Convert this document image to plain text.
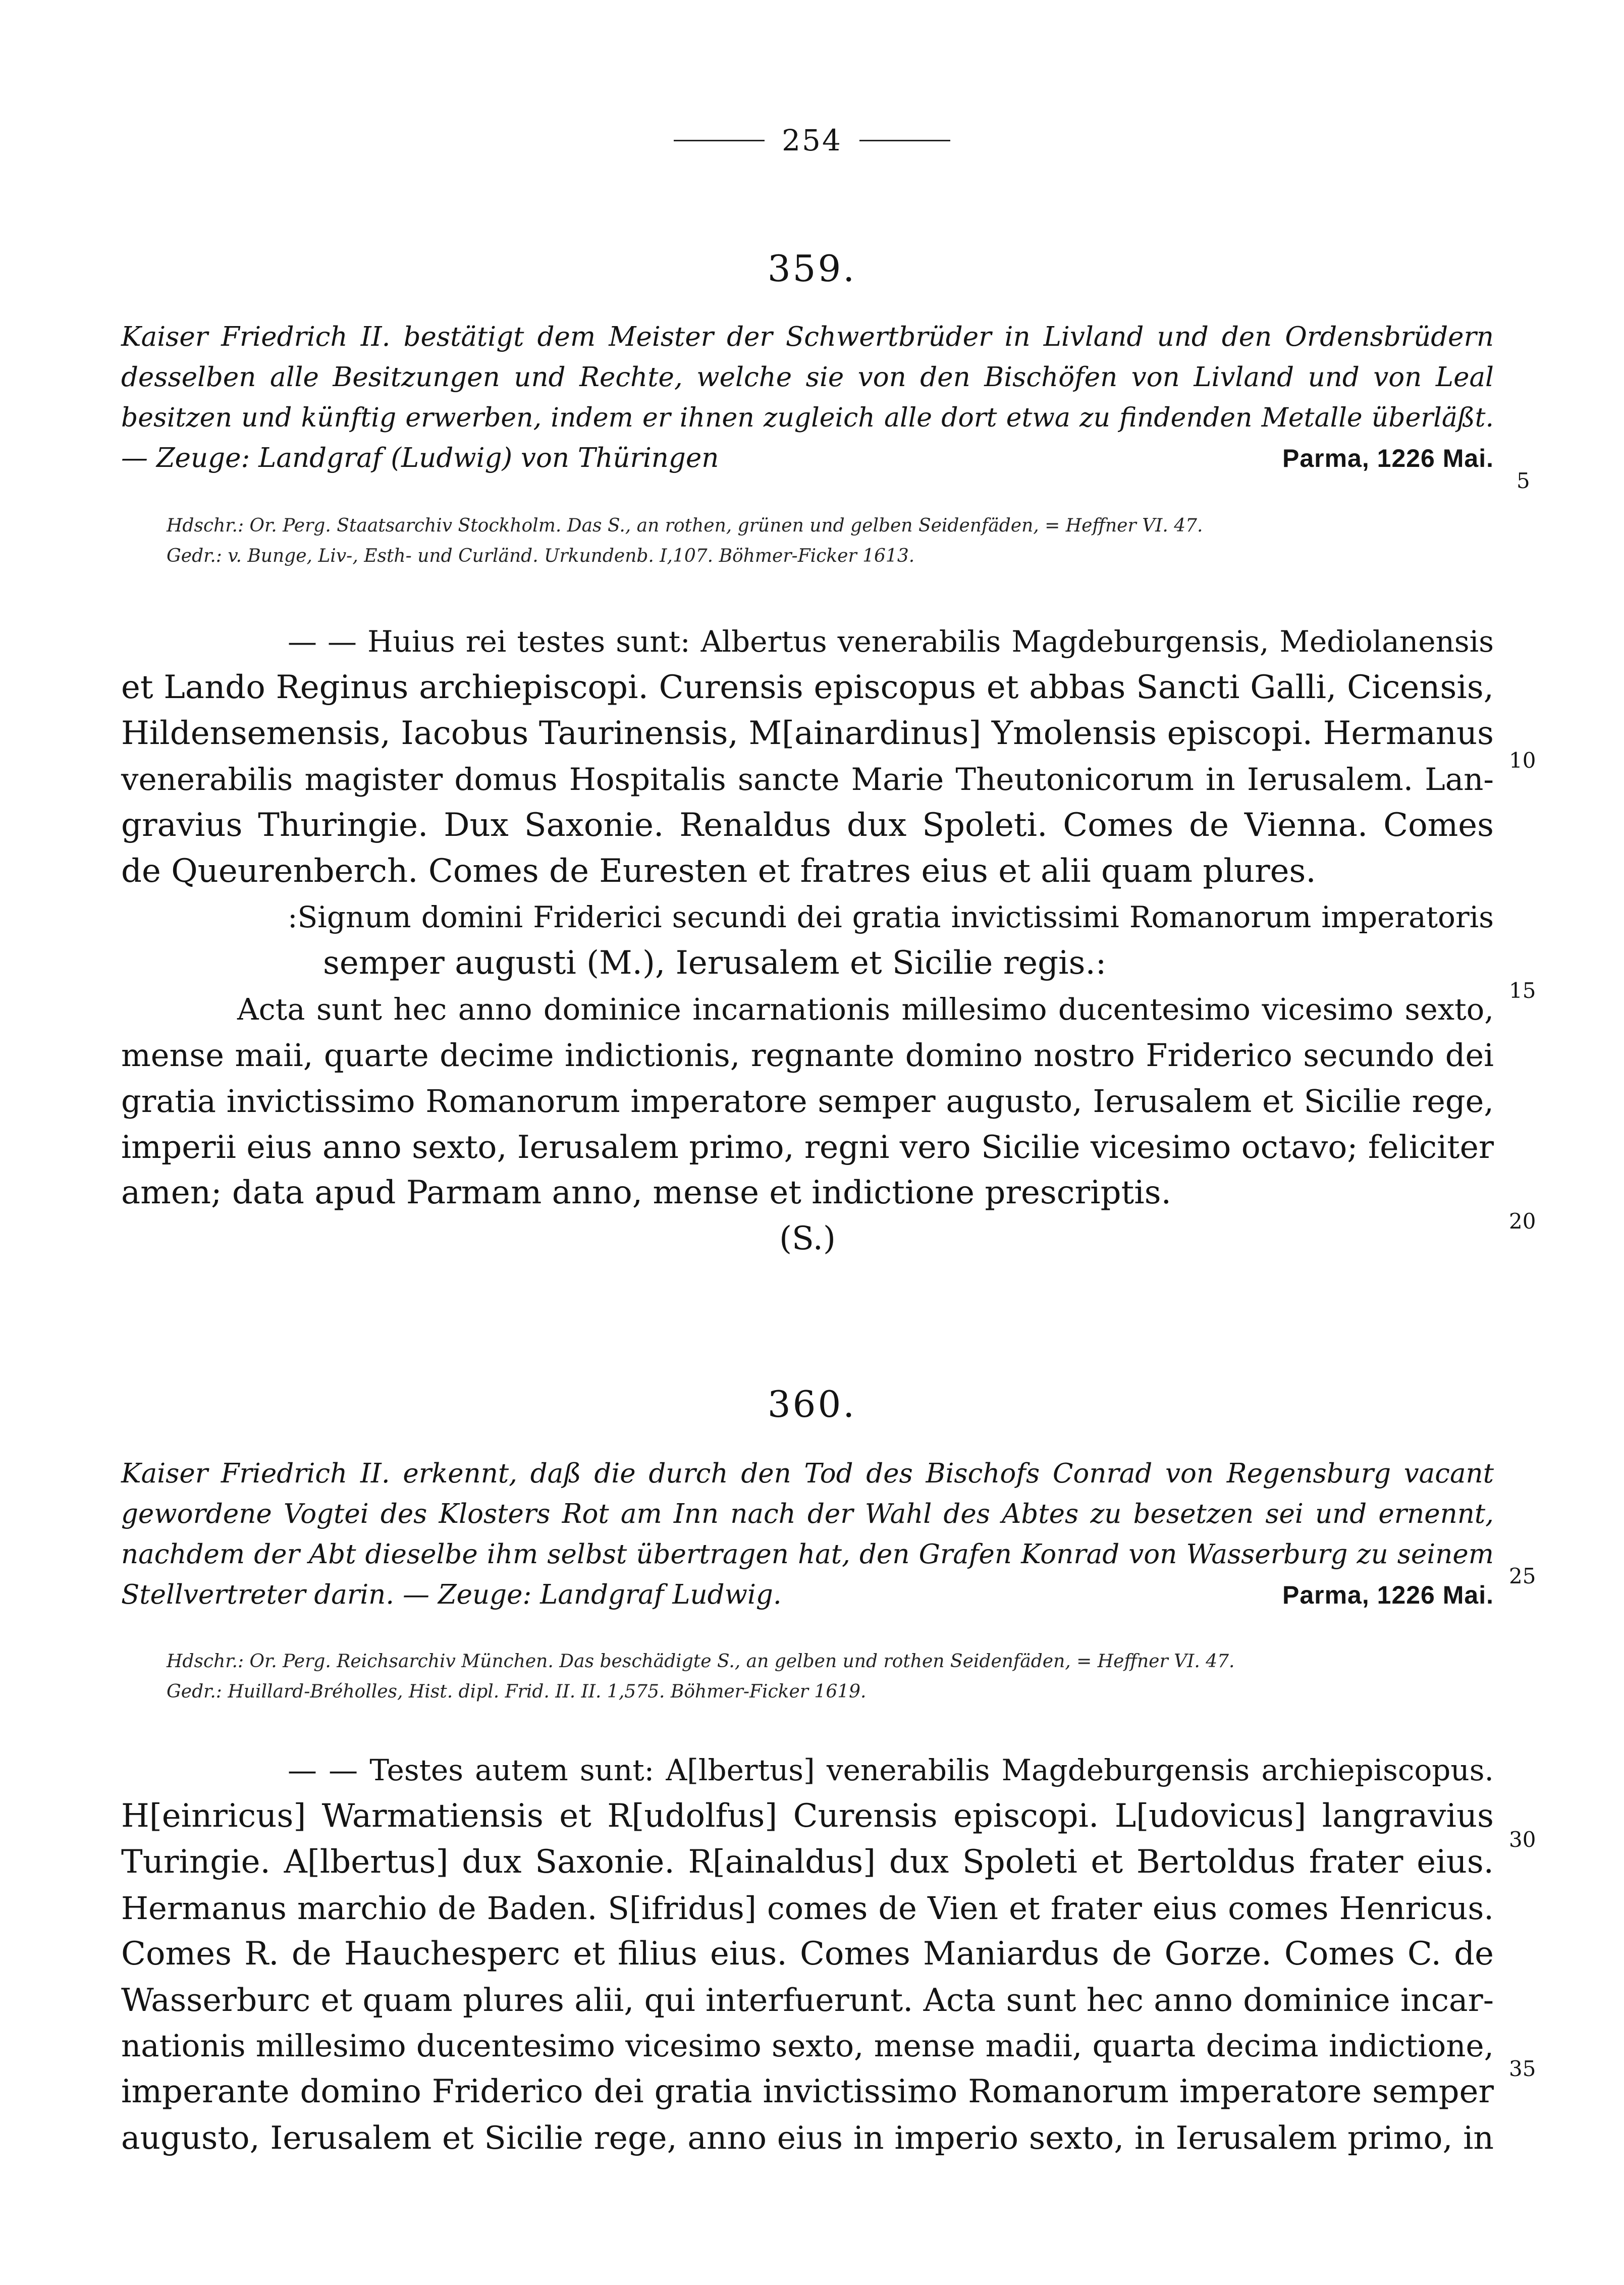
254
359.
Kaiser Friedrich II. bestätigt dem Meister der Schwertbrüder in Livland und den Ordensbrüdern
desselben alle Besitzungen und Rechte, welche sie von den Bischöfen von Livland und von Leal
besitzen und künftig erwerben, indem er ihnen zugleich alle dort etwa zu findenden Metalle überläßt.
— Zeuge: Landgraf (Ludwig) von Thüringen	Parma, 1226 Mai.
Hdschr.: Or. Perg. Staatsarchiv Stockholm. Das S., an rothen, grünen und gelben Seidenfäden, = Heffner VI. 47.
Gedr.: v. Bunge, Liv-, Esth- und Curländ. Urkundenb. I,107. Böhmer-Ficker 1613.
— — Huius rei testes sunt: Albertus venerabilis Magdeburgensis, Mediolanensis
et Lando Reginus archiepiscopi. Curensis episcopus et abbas Sancti Galli, Cicensis,
Hildensemensis, Iacobus Taurinensis, M[ainardinus] Ymolensis episcopi. Hermanus
venerabilis magister domus Hospitalis sancte Marie Theutonicorum in Ierusalem. Lan-
gravius Thuringie. Dux Saxonie. Renaldus dux Spoleti. Comes de Vienna. Comes
de Queurenberch. Comes de Euresten et fratres eius et alii quam plures.
:Signum domini Friderici secundi dei gratia invictissimi Romanorum imperatoris
semper augusti (M.), Ierusalem et Sicilie regis.:
Acta sunt hec anno dominice incarnationis millesimo ducentesimo vicesimo sexto,
mense maii, quarte decime indictionis, regnante domino nostro Friderico secundo dei
gratia invictissimo Romanorum imperatore semper augusto, Ierusalem et Sicilie rege,
imperii eius anno sexto, Ierusalem primo, regni vero Sicilie vicesimo octavo; feliciter
amen; data apud Parmam anno, mense et indictione prescriptis.
(S.)
360.
Kaiser Friedrich II. erkennt, daß die durch den Tod des Bischofs Conrad von Regensburg vacant
gewordene Vogtei des Klosters Rot am Inn nach der Wahl des Abtes zu besetzen sei und ernennt,
nachdem der Abt dieselbe ihm selbst übertragen hat, den Grafen Konrad von Wasserburg zu seinem
Stellvertreter darin. — Zeuge: Landgraf Ludwig.	Parma, 1226 Mai.
Hdschr.: Or. Perg. Reichsarchiv München. Das beschädigte S., an gelben und rothen Seidenfäden, = Heffner VI. 47.
Gedr.: Huillard-Bréholles, Hist. dipl. Frid. II. II. 1,575. Böhmer-Ficker 1619.
— — Testes autem sunt: A[lbertus] venerabilis Magdeburgensis archiepiscopus.
H[einricus] Warmatiensis et R[udolfus] Curensis episcopi. L[udovicus] langravius
Turingie. A[lbertus] dux Saxonie. R[ainaldus] dux Spoleti et Bertoldus frater eius.
Hermanus marchio de Baden. S[ifridus] comes de Vien et frater eius comes Henricus.
Comes R. de Hauchesperc et filius eius. Comes Maniardus de Gorze. Comes C. de
Wasserburc et quam plures alii, qui interfuerunt. Acta sunt hec anno dominice incar-
nationis millesimo ducentesimo vicesimo sexto, mense madii, quarta decima indictione,
imperante domino Friderico dei gratia invictissimo Romanorum imperatore semper
augusto, Ierusalem et Sicilie rege, anno eius in imperio sexto, in Ierusalem primo, in
5
10
15
20
25
30
35
